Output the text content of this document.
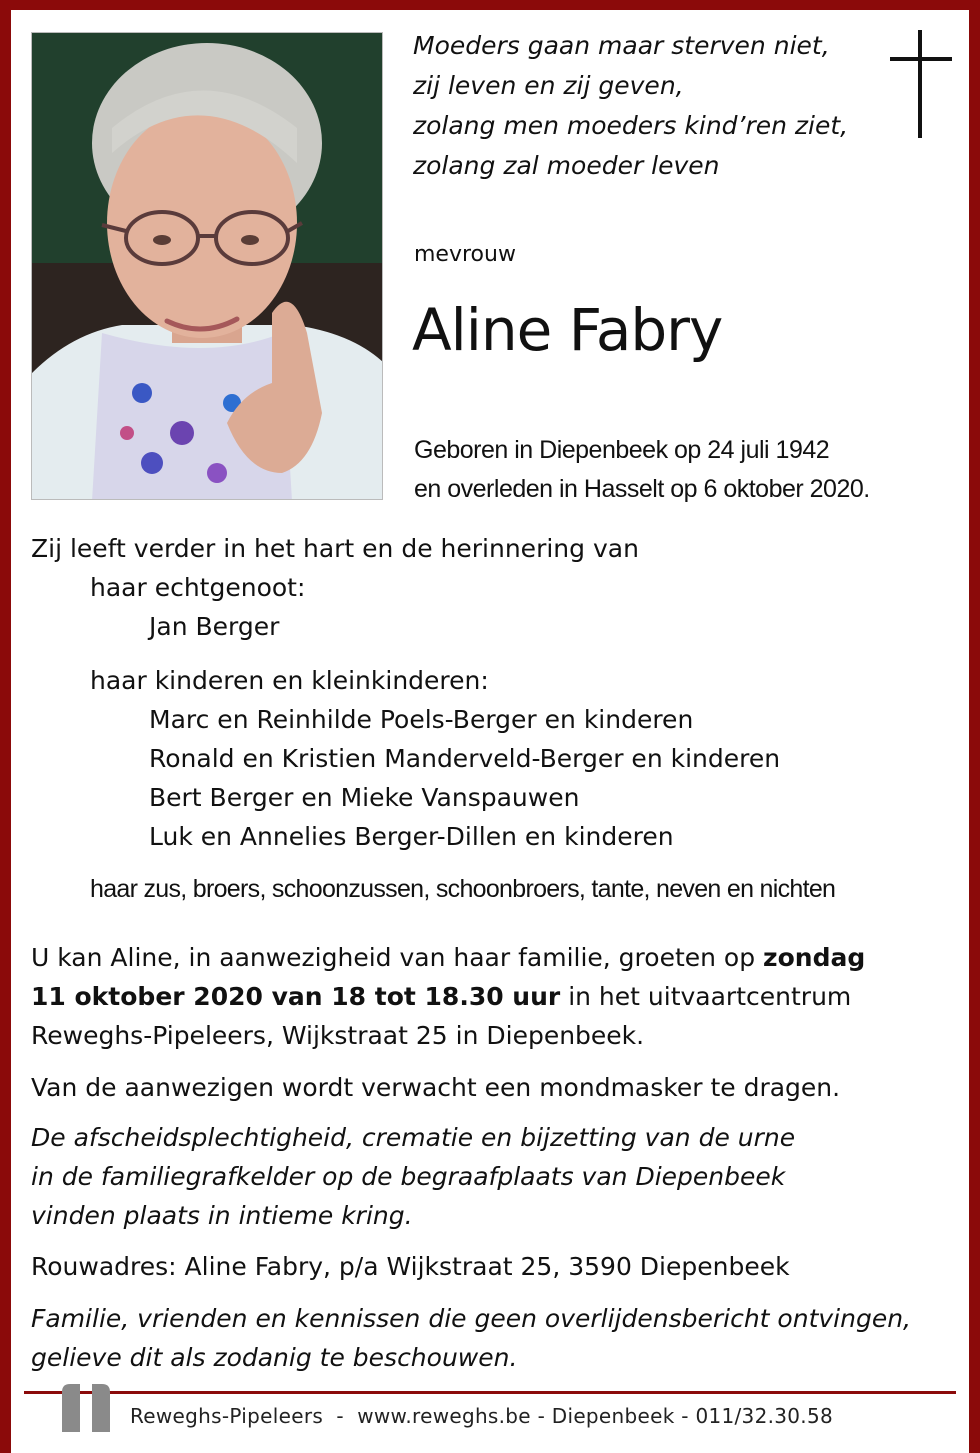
Moeders gaan maar sterven niet,
zij leven en zij geven,
zolang men moeders kind’ren ziet,
zolang zal moeder leven
mevrouw
Aline Fabry
Geboren in Diepenbeek op 24 juli 1942
en overleden in Hasselt op 6 oktober 2020.
Zij leeft verder in het hart en de herinnering van
haar echtgenoot:
Jan Berger
haar kinderen en kleinkinderen:
Marc en Reinhilde Poels-Berger en kinderen
Ronald en Kristien Manderveld-Berger en kinderen
Bert Berger en Mieke Vanspauwen
Luk en Annelies Berger-Dillen en kinderen
haar zus, broers, schoonzussen, schoonbroers, tante, neven en nichten
U kan Aline, in aanwezigheid van haar familie, groeten op zondag
11 oktober 2020 van 18 tot 18.30 uur in het uitvaartcentrum
Reweghs-Pipeleers, Wijkstraat 25 in Diepenbeek.
Van de aanwezigen wordt verwacht een mondmasker te dragen.
De afscheidsplechtigheid, crematie en bijzetting van de urne
in de familiegrafkelder op de begraafplaats van Diepenbeek
vinden plaats in intieme kring.
Rouwadres: Aline Fabry, p/a Wijkstraat 25, 3590 Diepenbeek
Familie, vrienden en kennissen die geen overlijdensbericht ontvingen,
gelieve dit als zodanig te beschouwen.
Reweghs-Pipeleers  -  www.reweghs.be - Diepenbeek - 011/32.30.58
